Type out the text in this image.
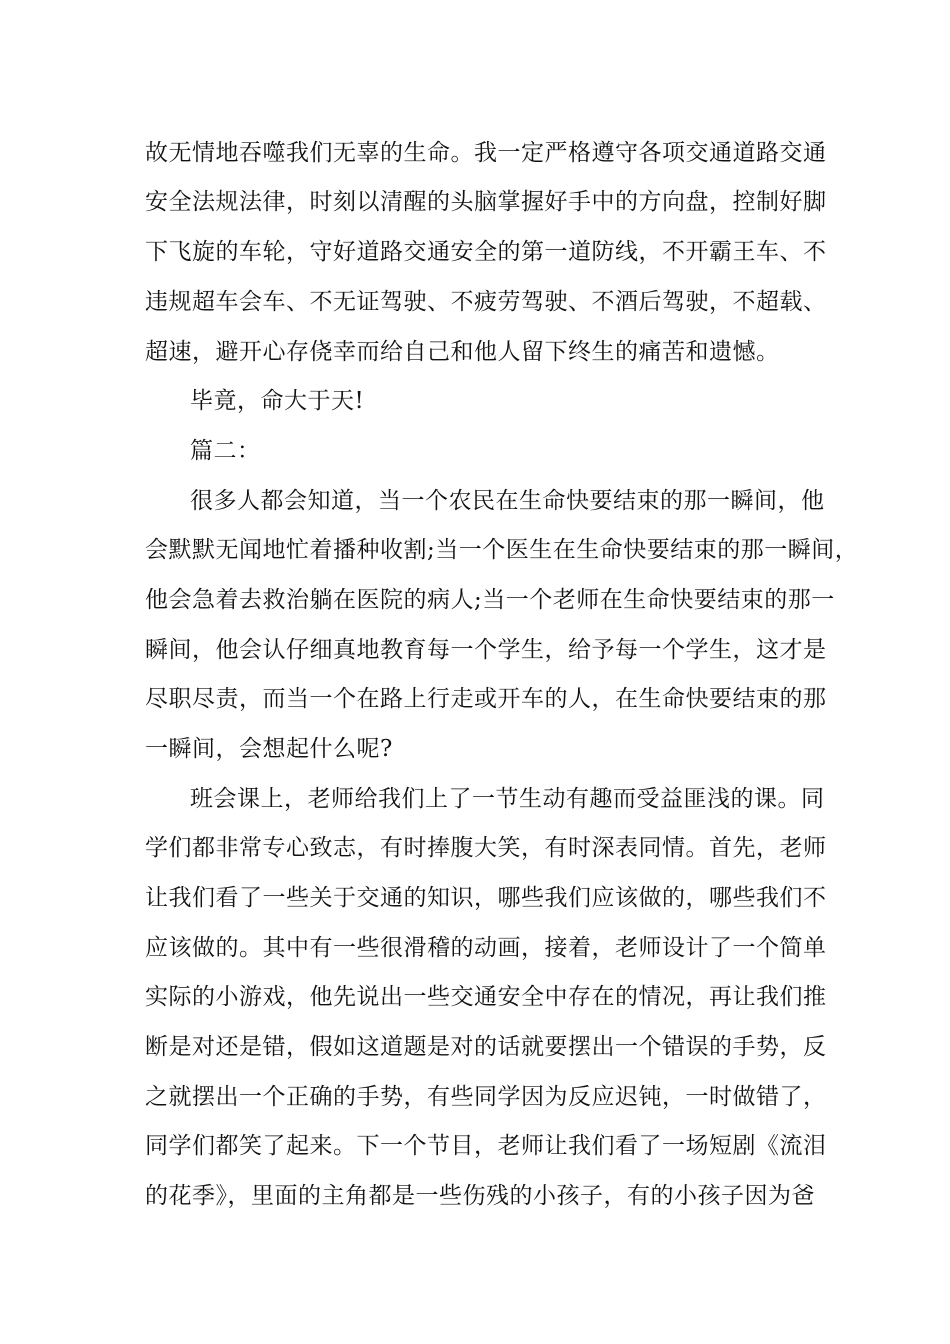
故无情地吞噬我们无辜的生命。我一定严格遵守各项交通道路交通
安全法规法律，时刻以清醒的头脑掌握好手中的方向盘，控制好脚
下飞旋的车轮，守好道路交通安全的第一道防线，不开霸王车、不
违规超车会车、不无证驾驶、不疲劳驾驶、不酒后驾驶，不超载、
超速，避开心存侥幸而给自己和他人留下终生的痛苦和遗憾。
毕竟，命大于天!
篇二：
很多人都会知道，当一个农民在生命快要结束的那一瞬间，他
会默默无闻地忙着播种收割;当一个医生在生命快要结束的那一瞬间，
他会急着去救治躺在医院的病人;当一个老师在生命快要结束的那一
瞬间，他会认仔细真地教育每一个学生，给予每一个学生，这才是
尽职尽责，而当一个在路上行走或开车的人，在生命快要结束的那
一瞬间，会想起什么呢?
班会课上，老师给我们上了一节生动有趣而受益匪浅的课。同
学们都非常专心致志，有时捧腹大笑，有时深表同情。首先，老师
让我们看了一些关于交通的知识，哪些我们应该做的，哪些我们不
应该做的。其中有一些很滑稽的动画，接着，老师设计了一个简单
实际的小游戏，他先说出一些交通安全中存在的情况，再让我们推
断是对还是错，假如这道题是对的话就要摆出一个错误的手势，反
之就摆出一个正确的手势，有些同学因为反应迟钝，一时做错了，
同学们都笑了起来。下一个节目，老师让我们看了一场短剧《流泪
的花季》，里面的主角都是一些伤残的小孩子，有的小孩子因为爸
